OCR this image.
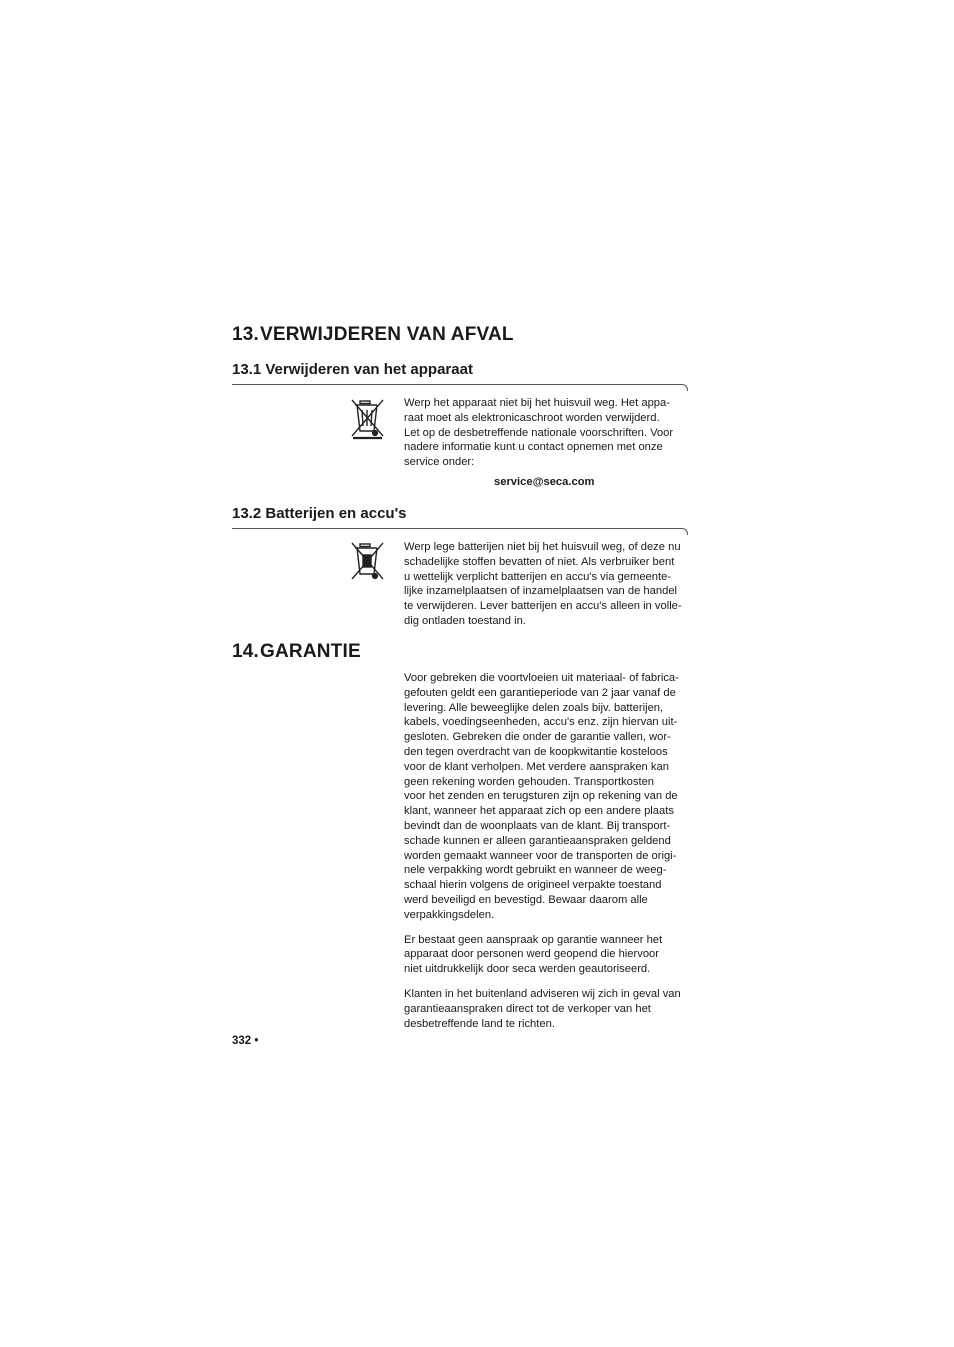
13.VERWIJDEREN VAN AFVAL
13.1 Verwijderen van het apparaat

Werp het apparaat niet bij het huisvuil weg. Het appa-
raat moet als elektronicaschroot worden verwijderd.
Let op de desbetreffende nationale voorschriften. Voor
nadere informatie kunt u contact opnemen met onze
service onder:

service@seca.com
13.2 Batterijen en accu's

Werp lege batterijen niet bij het huisvuil weg, of deze nu
schadelijke stoffen bevatten of niet. Als verbruiker bent
u wettelijk verplicht batterijen en accu's via gemeente-
lijke inzamelplaatsen of inzamelplaatsen van de handel
te verwijderen. Lever batterijen en accu's alleen in volle-
dig ontladen toestand in.

14.GARANTIE

Voor gebreken die voortvloeien uit materiaal- of fabrica-
gefouten geldt een garantieperiode van 2 jaar vanaf de
levering. Alle beweeglijke delen zoals bijv. batterijen,
kabels, voedingseenheden, accu's enz. zijn hiervan uit-
gesloten. Gebreken die onder de garantie vallen, wor-
den tegen overdracht van de koopkwitantie kosteloos
voor de klant verholpen. Met verdere aanspraken kan
geen rekening worden gehouden. Transportkosten
voor het zenden en terugsturen zijn op rekening van de
klant, wanneer het apparaat zich op een andere plaats
bevindt dan de woonplaats van de klant. Bij transport-
schade kunnen er alleen garantieaanspraken geldend
worden gemaakt wanneer voor de transporten de origi-
nele verpakking wordt gebruikt en wanneer de weeg-
schaal hierin volgens de origineel verpakte toestand
werd beveiligd en bevestigd. Bewaar daarom alle
verpakkingsdelen.

Er bestaat geen aanspraak op garantie wanneer het
apparaat door personen werd geopend die hiervoor
niet uitdrukkelijk door seca werden geautoriseerd.

Klanten in het buitenland adviseren wij zich in geval van
garantieaanspraken direct tot de verkoper van het
desbetreffende land te richten.

332 •
